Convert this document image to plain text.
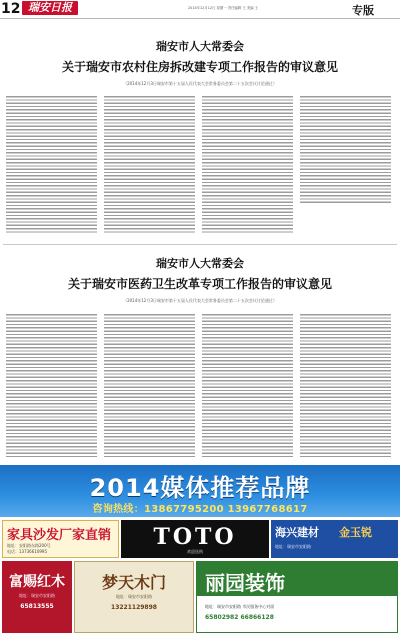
12 瑞安日报	2014年12月12日 星期一 责任编辑 王 美编 王	专版
瑞安市人大常委会
关于瑞安市农村住房拆改建专项工作报告的审议意见
（2014年12月3日瑞安市第十五届人民代表大会常务委员会第二十五次会议讨论通过）
瑞安市人大常委会
关于瑞安市医药卫生改革专项工作报告的审议意见
（2014年12月3日瑞安市第十五届人民代表大会常务委员会第二十五次会议讨论通过）
2014媒体推荐品牌
咨询热线：13867795200 13967768617
家具沙发厂家直销
地址：安阳路东路200号
电话：13736610995
TOTO
欢迎选购
海兴建材 金玉锐
地址：瑞安市安阳路
富赐红木
地址：瑞安市安阳路
65813555
梦天木门
地址：瑞安市安阳路
13221129898
丽园装饰
地址：瑞安市安阳路 市民服务中心对面
65802982 66866128
